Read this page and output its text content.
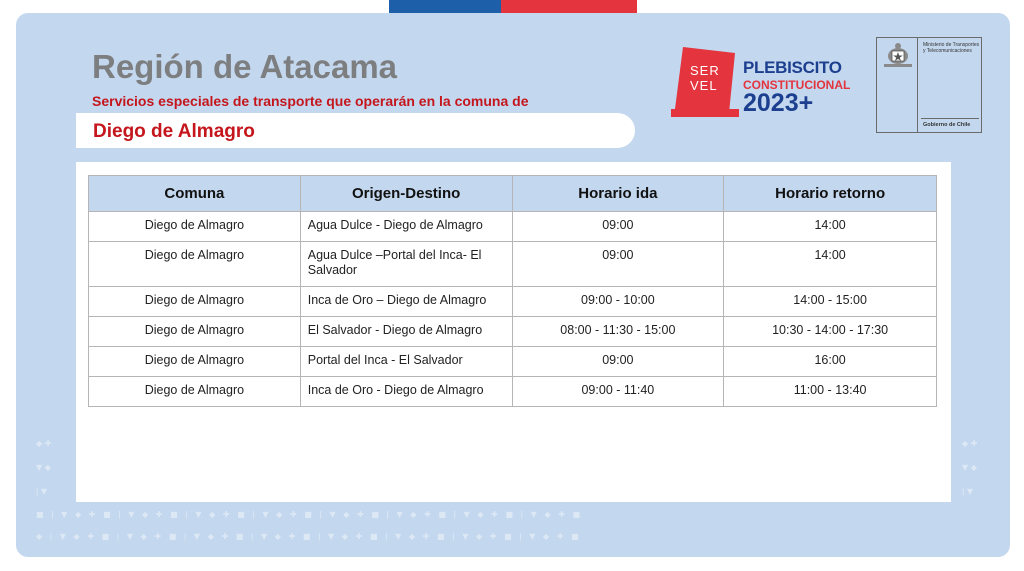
◆ ✚
▼ ◆
ǀ ▼
◆ ✚
▼ ◆
ǀ ▼
■   ǀ   ▼   ◆   ✚   ■   ǀ   ▼   ◆   ✚   ■   ǀ   ▼   ◆   ✚   ■   ǀ   ▼   ◆   ✚   ■   ǀ   ▼   ◆   ✚   ■   ǀ   ▼   ◆   ✚   ■   ǀ   ▼   ◆   ✚   ■   ǀ   ▼   ◆   ✚   ■
◆   ǀ   ▼   ◆   ✚   ■   ǀ   ▼   ◆   ✚   ■   ǀ   ▼   ◆   ✚   ■   ǀ   ▼   ◆   ✚   ■   ǀ   ▼   ◆   ✚   ■   ǀ   ▼   ◆   ✚   ■   ǀ   ▼   ◆   ✚   ■   ǀ   ▼   ◆   ✚   ■
Región de Atacama
Servicios especiales de transporte que operarán en la comuna de
Diego de Almagro
SER
VEL
PLEBISCITO
CONSTITUCIONAL
2023+
Ministerio de Transportes y Telecomunicaciones
Gobierno de Chile
Comuna	Origen-Destino	Horario ida	Horario retorno
Diego de Almagro	Agua Dulce - Diego de Almagro	09:00	14:00
Diego de Almagro	Agua Dulce –Portal del Inca- El Salvador	09:00	14:00
Diego de Almagro	Inca de Oro – Diego de Almagro	09:00 - 10:00	14:00 - 15:00
Diego de Almagro	El Salvador - Diego de Almagro	08:00 - 11:30 - 15:00	10:30 - 14:00 - 17:30
Diego de Almagro	Portal del Inca - El Salvador	09:00	16:00
Diego de Almagro	Inca de Oro - Diego de Almagro	09:00 - 11:40	11:00 - 13:40
